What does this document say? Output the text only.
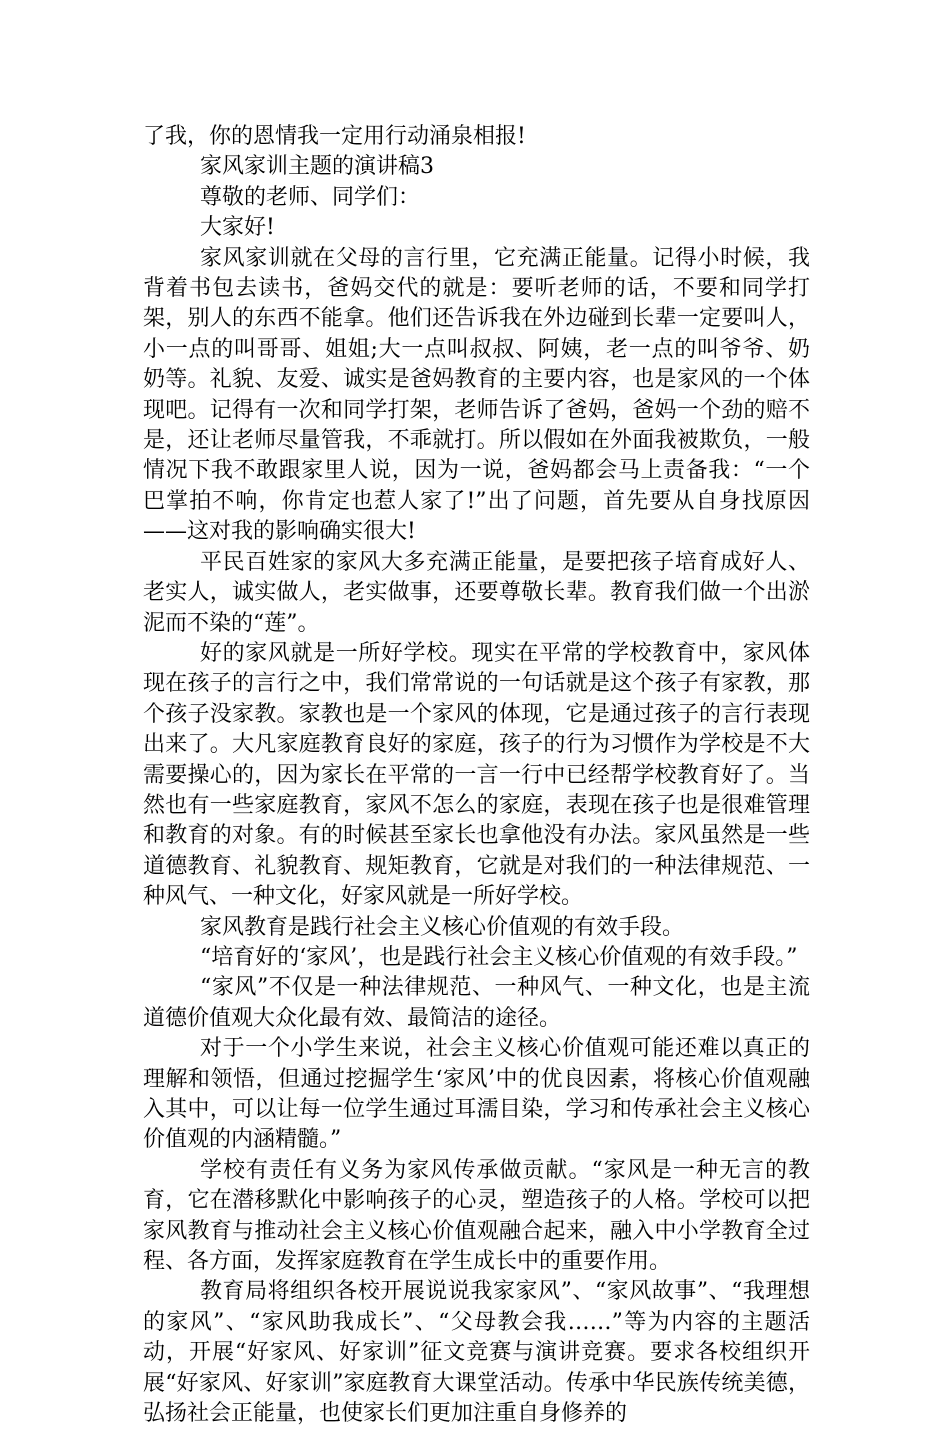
了我，你的恩情我一定用行动涌泉相报!

家风家训主题的演讲稿3

尊敬的老师、同学们：

大家好!

家风家训就在父母的言行里，它充满正能量。记得小时候，我背着书包去读书，爸妈交代的就是：要听老师的话，不要和同学打架，别人的东西不能拿。他们还告诉我在外边碰到长辈一定要叫人，小一点的叫哥哥、姐姐;大一点叫叔叔、阿姨，老一点的叫爷爷、奶奶等。礼貌、友爱、诚实是爸妈教育的主要内容，也是家风的一个体现吧。记得有一次和同学打架，老师告诉了爸妈，爸妈一个劲的赔不是，还让老师尽量管我，不乖就打。所以假如在外面我被欺负，一般情况下我不敢跟家里人说，因为一说，爸妈都会马上责备我：“一个巴掌拍不响，你肯定也惹人家了!”出了问题，首先要从自身找原因——这对我的影响确实很大!

平民百姓家的家风大多充满正能量，是要把孩子培育成好人、老实人，诚实做人，老实做事，还要尊敬长辈。教育我们做一个出淤泥而不染的“莲”。

好的家风就是一所好学校。现实在平常的学校教育中，家风体现在孩子的言行之中，我们常常说的一句话就是这个孩子有家教，那个孩子没家教。家教也是一个家风的体现，它是通过孩子的言行表现出来了。大凡家庭教育良好的家庭，孩子的行为习惯作为学校是不大需要操心的，因为家长在平常的一言一行中已经帮学校教育好了。当然也有一些家庭教育，家风不怎么的家庭，表现在孩子也是很难管理和教育的对象。有的时候甚至家长也拿他没有办法。家风虽然是一些道德教育、礼貌教育、规矩教育，它就是对我们的一种法律规范、一种风气、一种文化，好家风就是一所好学校。

家风教育是践行社会主义核心价值观的有效手段。

“培育好的‘家风’，也是践行社会主义核心价值观的有效手段。”

“家风”不仅是一种法律规范、一种风气、一种文化，也是主流道德价值观大众化最有效、最简洁的途径。

对于一个小学生来说，社会主义核心价值观可能还难以真正的理解和领悟，但通过挖掘学生‘家风’中的优良因素，将核心价值观融入其中，可以让每一位学生通过耳濡目染，学习和传承社会主义核心价值观的内涵精髓。”

学校有责任有义务为家风传承做贡献。“家风是一种无言的教育，它在潜移默化中影响孩子的心灵，塑造孩子的人格。学校可以把家风教育与推动社会主义核心价值观融合起来，融入中小学教育全过程、各方面，发挥家庭教育在学生成长中的重要作用。

教育局将组织各校开展说说我家家风”、“家风故事”、“我理想的家风”、“家风助我成长”、“父母教会我……”等为内容的主题活动，开展“好家风、好家训”征文竞赛与演讲竞赛。要求各校组织开展“好家风、好家训”家庭教育大课堂活动。传承中华民族传统美德，弘扬社会正能量，也使家长们更加注重自身修养的
